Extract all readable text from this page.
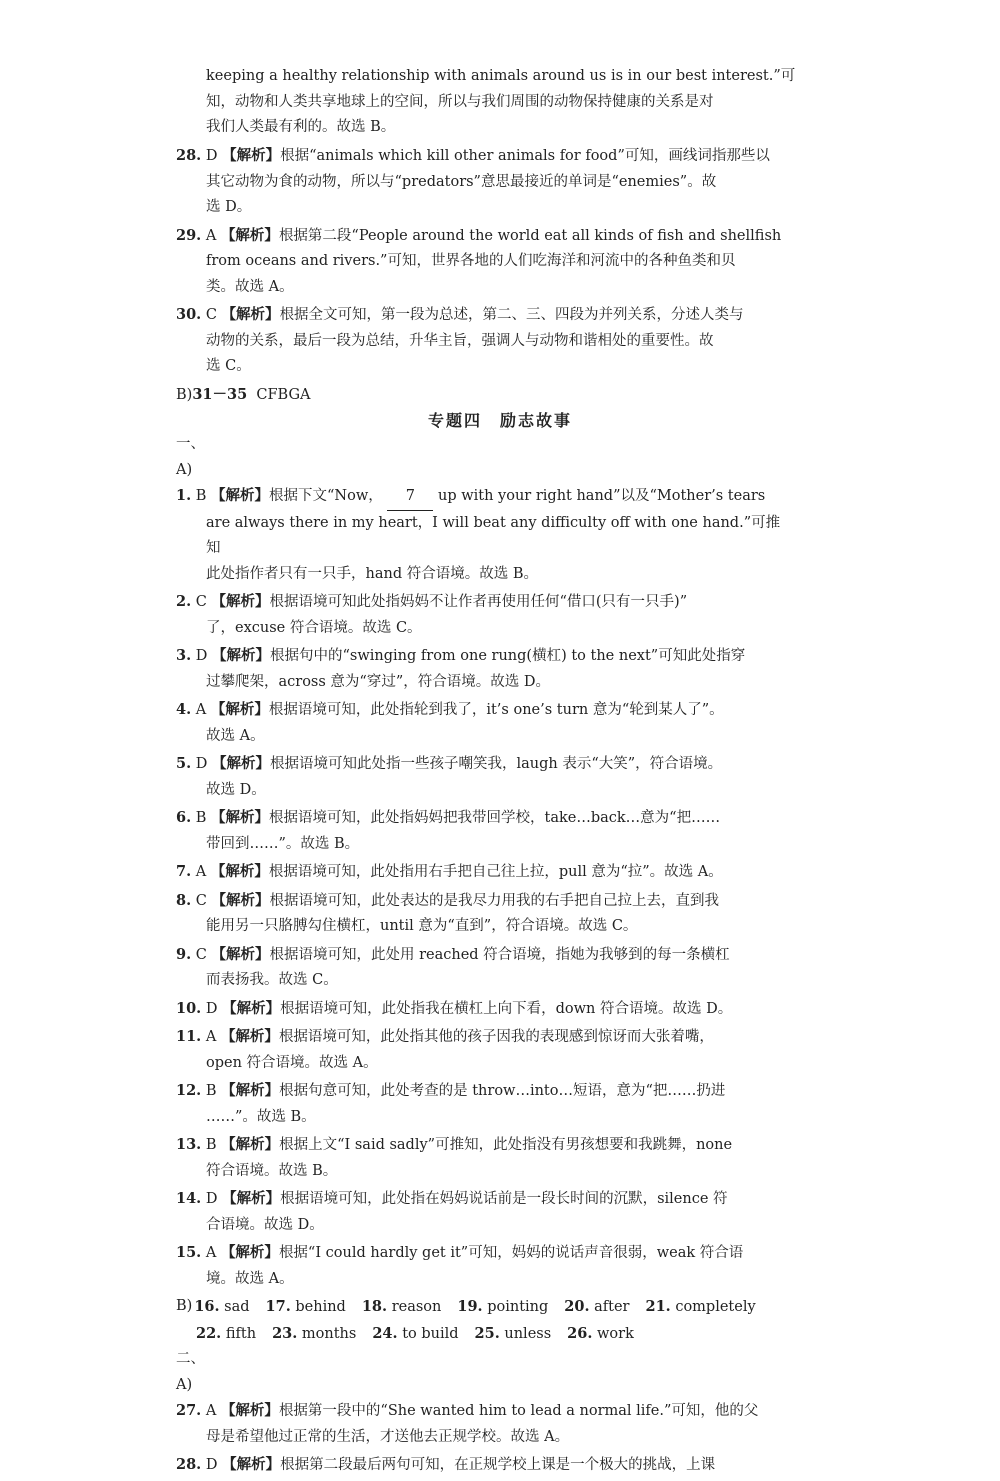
keeping a healthy relationship with animals around us is in our best interest.”可
知，动物和人类共享地球上的空间，所以与我们周围的动物保持健康的关系是对
我们人类最有利的。故选 B。
28. D 【解析】根据“animals which kill other animals for food”可知，画线词指那些以
其它动物为食的动物，所以与“predators”意思最接近的单词是“enemies”。故
选 D。
29. A 【解析】根据第二段“People around the world eat all kinds of fish and shellfish
from oceans and rivers.”可知，世界各地的人们吃海洋和河流中的各种鱼类和贝
类。故选 A。
30. C 【解析】根据全文可知，第一段为总述，第二、三、四段为并列关系，分述人类与
动物的关系，最后一段为总结，升华主旨，强调人与动物和谐相处的重要性。故
选 C。
B)31－35 CFBGA
专题四　励志故事
一、
A)
1. B 【解析】根据下文“Now， 7 up with your right hand”以及“Mother’s tears
are always there in my heart，I will beat any difficulty off with one hand.”可推知
此处指作者只有一只手，hand 符合语境。故选 B。
2. C 【解析】根据语境可知此处指妈妈不让作者再使用任何“借口(只有一只手)”
了，excuse 符合语境。故选 C。
3. D 【解析】根据句中的“swinging from one rung(横杠) to the next”可知此处指穿
过攀爬架，across 意为“穿过”，符合语境。故选 D。
4. A 【解析】根据语境可知，此处指轮到我了，it’s one’s turn 意为“轮到某人了”。
故选 A。
5. D 【解析】根据语境可知此处指一些孩子嘲笑我，laugh 表示“大笑”，符合语境。
故选 D。
6. B 【解析】根据语境可知，此处指妈妈把我带回学校，take…back…意为“把……
带回到……”。故选 B。
7. A 【解析】根据语境可知，此处指用右手把自己往上拉，pull 意为“拉”。故选 A。
8. C 【解析】根据语境可知，此处表达的是我尽力用我的右手把自己拉上去，直到我
能用另一只胳膊勾住横杠，until 意为“直到”，符合语境。故选 C。
9. C 【解析】根据语境可知，此处用 reached 符合语境，指她为我够到的每一条横杠
而表扬我。故选 C。
10. D 【解析】根据语境可知，此处指我在横杠上向下看，down 符合语境。故选 D。
11. A 【解析】根据语境可知，此处指其他的孩子因我的表现感到惊讶而大张着嘴，
open 符合语境。故选 A。
12. B 【解析】根据句意可知，此处考查的是 throw…into…短语，意为“把……扔进
……”。故选 B。
13. B 【解析】根据上文“I said sadly”可推知，此处指没有男孩想要和我跳舞，none
符合语境。故选 B。
14. D 【解析】根据语境可知，此处指在妈妈说话前是一段长时间的沉默，silence 符
合语境。故选 D。
15. A 【解析】根据“I could hardly get it”可知，妈妈的说话声音很弱，weak 符合语
境。故选 A。
B) 16. sad 17. behind 18. reason 19. pointing 20. after 21. completely
22. fifth 23. months 24. to build 25. unless 26. work
二、
A)
27. A 【解析】根据第一段中的“She wanted him to lead a normal life.”可知，他的父
母是希望他过正常的生活，才送他去正规学校。故选 A。
28. D 【解析】根据第二段最后两句可知，在正规学校上课是一个极大的挑战，上课
